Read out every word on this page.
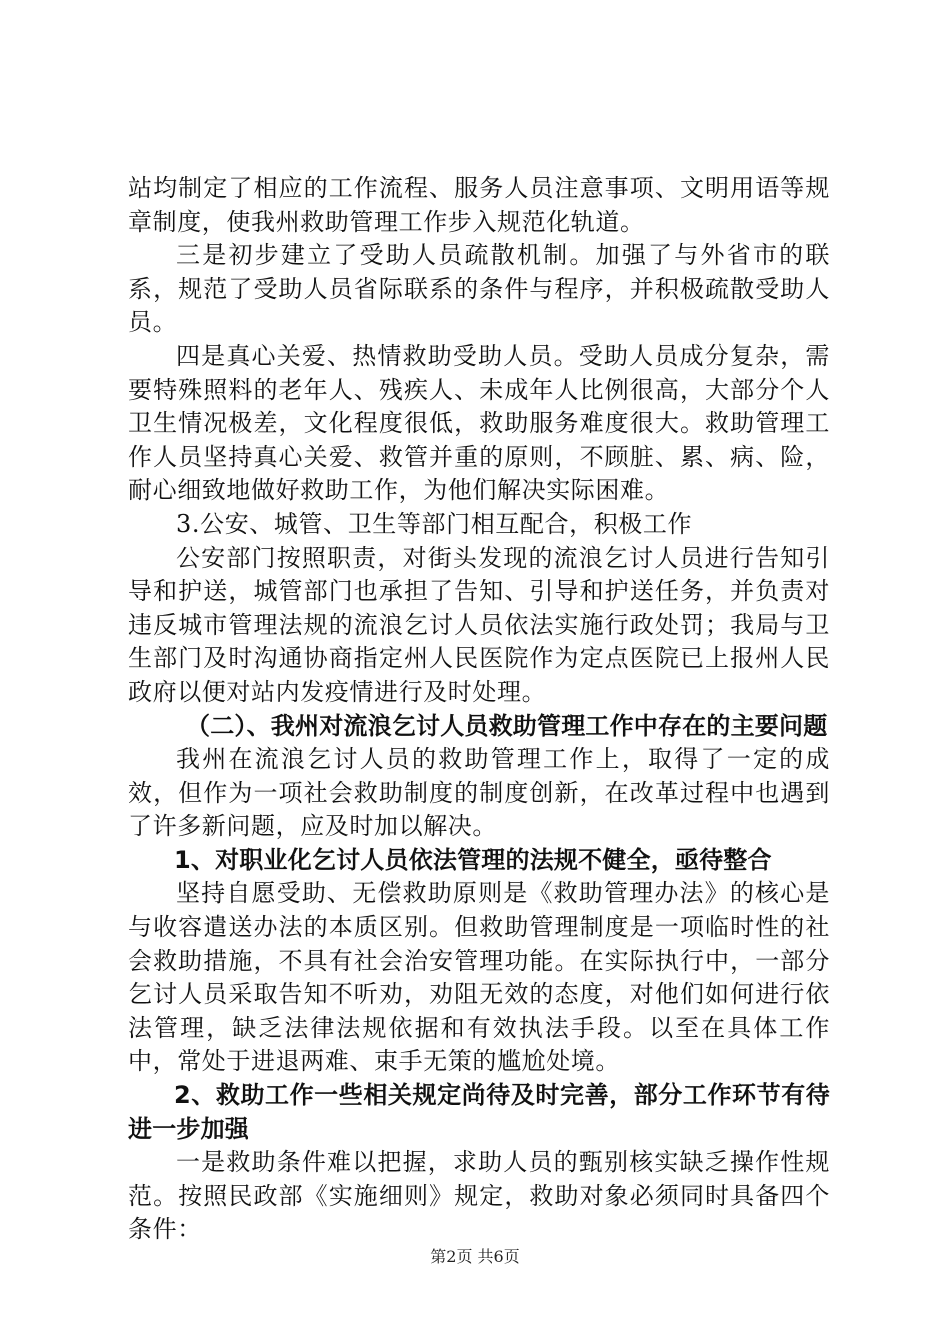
站均制定了相应的工作流程、服务人员注意事项、文明用语等规章制度，使我州救助管理工作步入规范化轨道。

三是初步建立了受助人员疏散机制。加强了与外省市的联系，规范了受助人员省际联系的条件与程序，并积极疏散受助人员。

四是真心关爱、热情救助受助人员。受助人员成分复杂，需要特殊照料的老年人、残疾人、未成年人比例很高，大部分个人卫生情况极差，文化程度很低，救助服务难度很大。救助管理工作人员坚持真心关爱、救管并重的原则，不顾脏、累、病、险，耐心细致地做好救助工作，为他们解决实际困难。

3.公安、城管、卫生等部门相互配合，积极工作

公安部门按照职责，对街头发现的流浪乞讨人员进行告知引导和护送，城管部门也承担了告知、引导和护送任务，并负责对违反城市管理法规的流浪乞讨人员依法实施行政处罚；我局与卫生部门及时沟通协商指定州人民医院作为定点医院已上报州人民政府以便对站内发疫情进行及时处理。

（二）、我州对流浪乞讨人员救助管理工作中存在的主要问题

我州在流浪乞讨人员的救助管理工作上，取得了一定的成效，但作为一项社会救助制度的制度创新，在改革过程中也遇到了许多新问题，应及时加以解决。

1、对职业化乞讨人员依法管理的法规不健全，亟待整合

坚持自愿受助、无偿救助原则是《救助管理办法》的核心是与收容遣送办法的本质区别。但救助管理制度是一项临时性的社会救助措施，不具有社会治安管理功能。在实际执行中，一部分乞讨人员采取告知不听劝，劝阻无效的态度，对他们如何进行依法管理，缺乏法律法规依据和有效执法手段。以至在具体工作中，常处于进退两难、束手无策的尴尬处境。

2、救助工作一些相关规定尚待及时完善，部分工作环节有待进一步加强

一是救助条件难以把握，求助人员的甄别核实缺乏操作性规范。按照民政部《实施细则》规定，救助对象必须同时具备四个条件：

第2页 共6页
